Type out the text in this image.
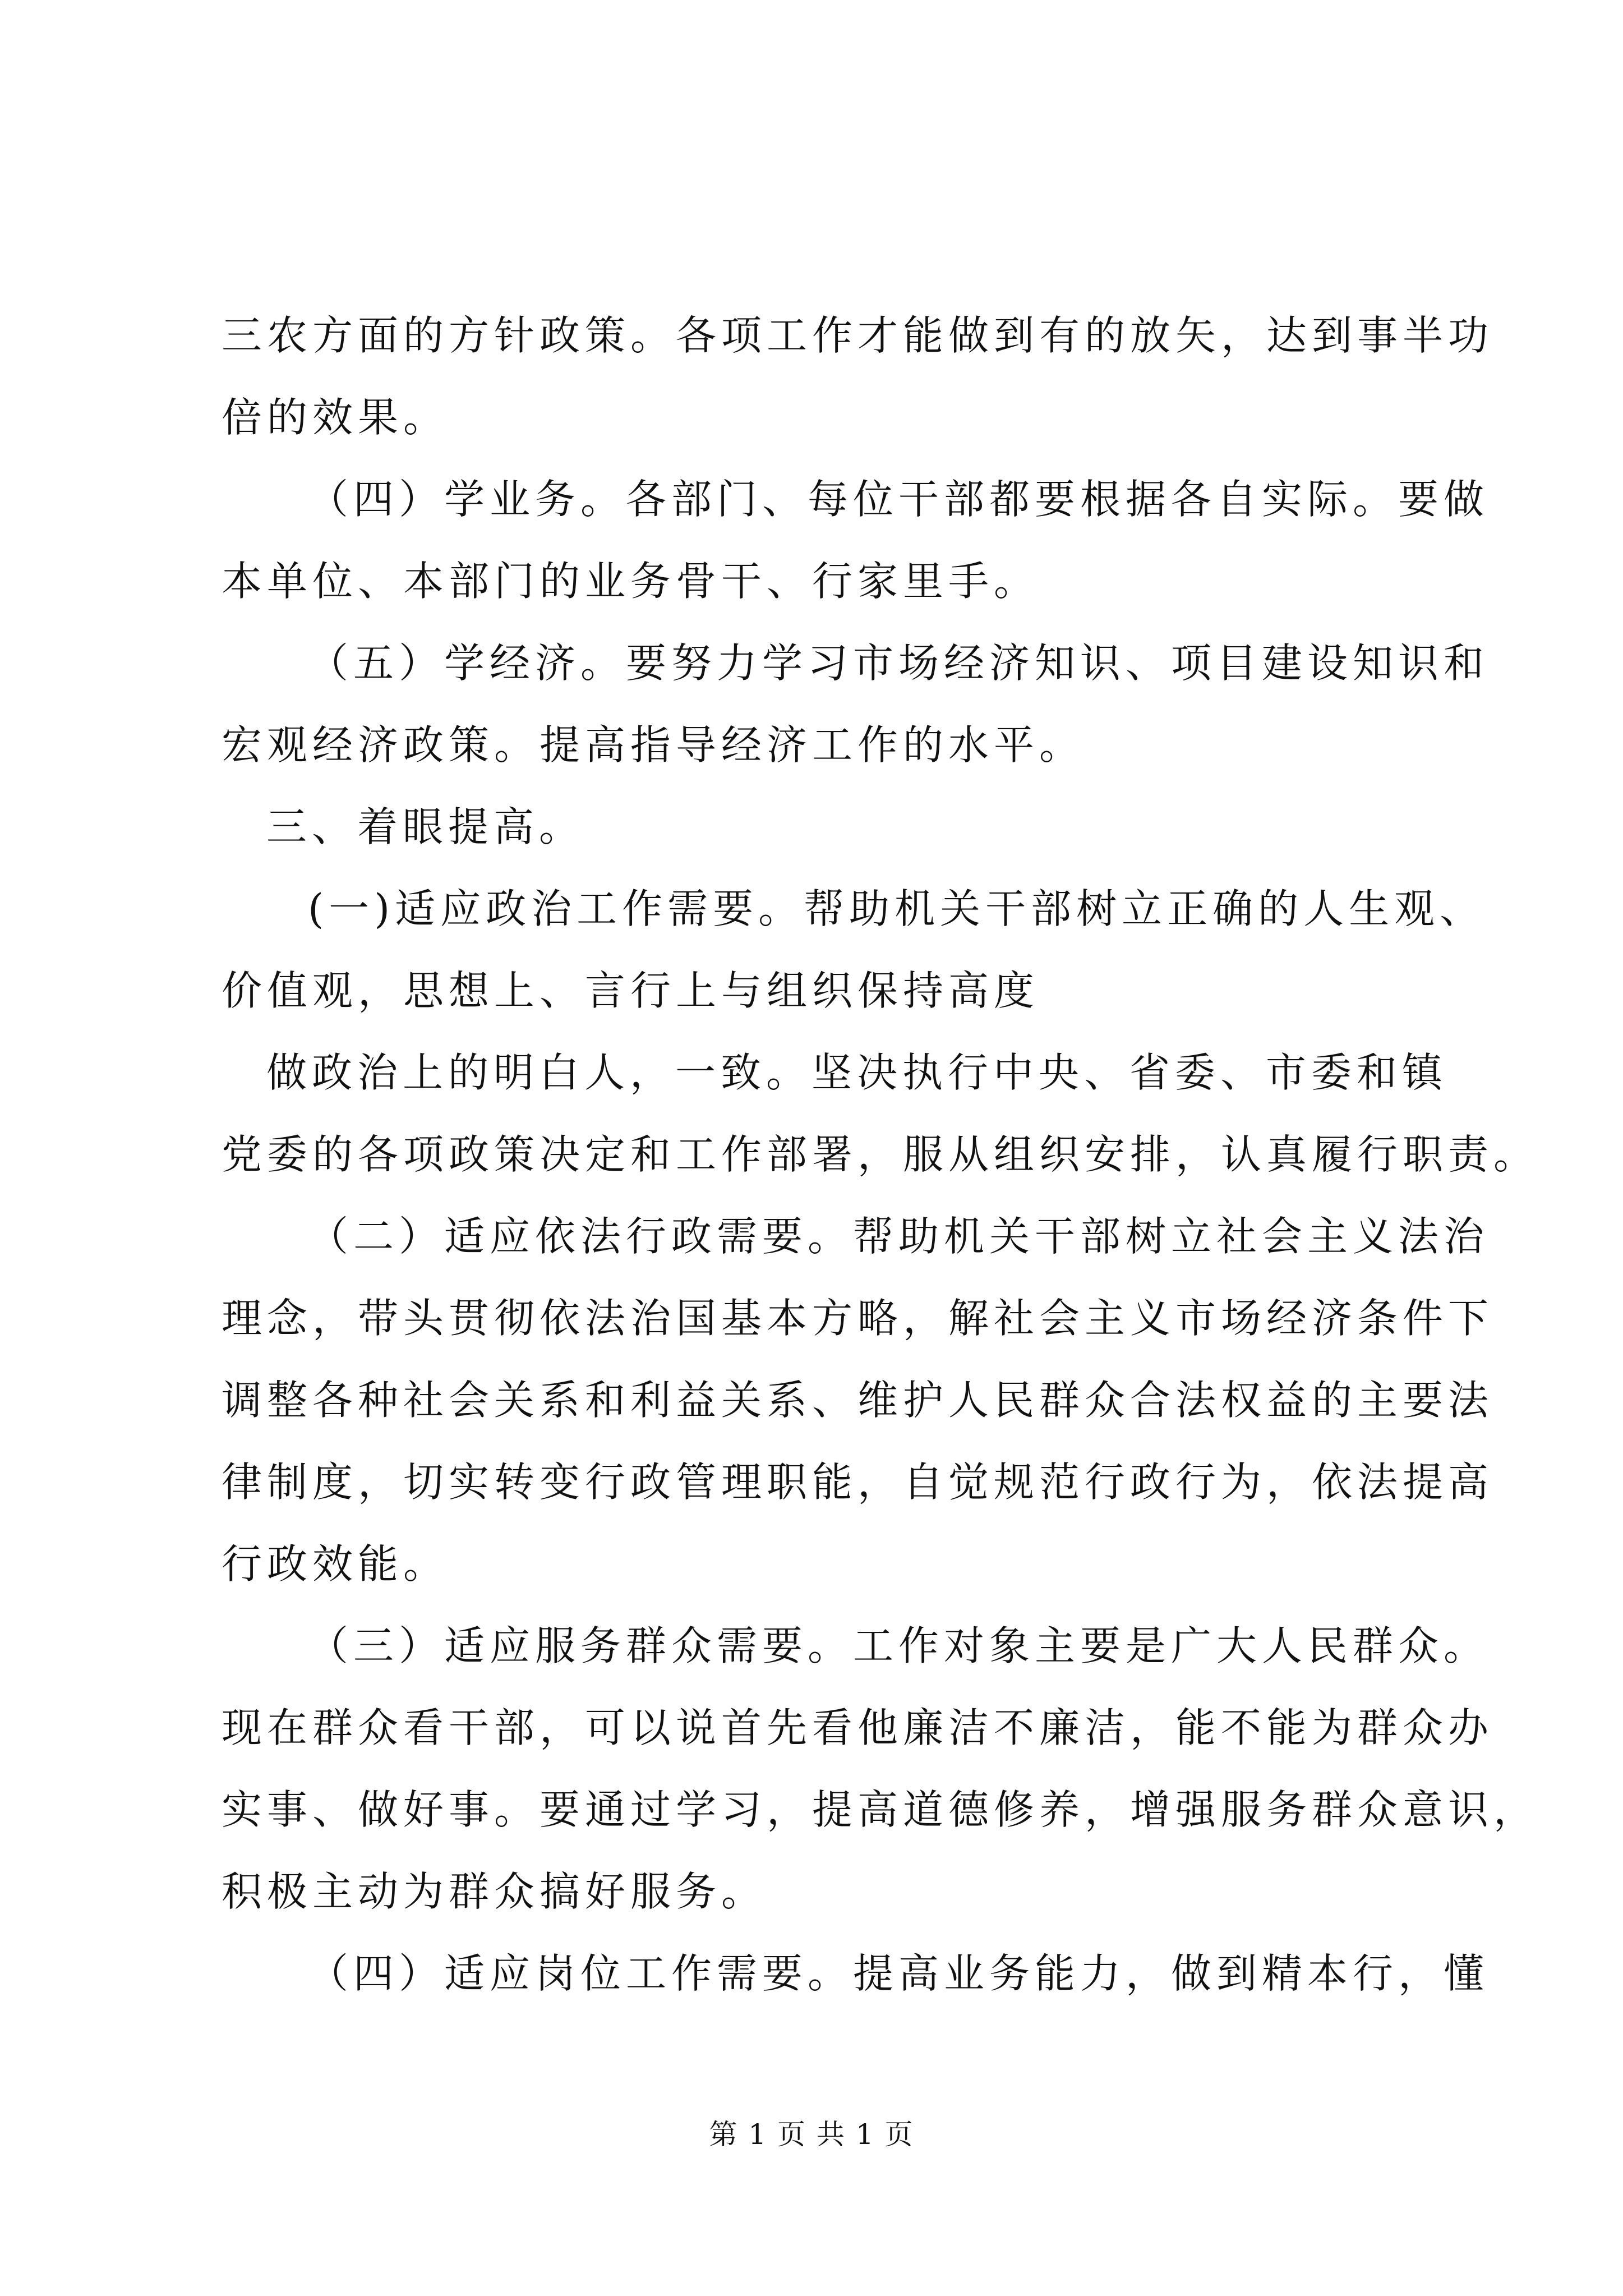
三农方面的方针政策。各项工作才能做到有的放矢，达到事半功

倍的效果。

（四）学业务。各部门、每位干部都要根据各自实际。要做

本单位、本部门的业务骨干、行家里手。

（五）学经济。要努力学习市场经济知识、项目建设知识和

宏观经济政策。提高指导经济工作的水平。

三、着眼提高。

(一)适应政治工作需要。帮助机关干部树立正确的人生观、

价值观，思想上、言行上与组织保持高度

做政治上的明白人，一致。坚决执行中央、省委、市委和镇

党委的各项政策决定和工作部署，服从组织安排，认真履行职责。

（二）适应依法行政需要。帮助机关干部树立社会主义法治

理念，带头贯彻依法治国基本方略，解社会主义市场经济条件下

调整各种社会关系和利益关系、维护人民群众合法权益的主要法

律制度，切实转变行政管理职能，自觉规范行政行为，依法提高

行政效能。

（三）适应服务群众需要。工作对象主要是广大人民群众。

现在群众看干部，可以说首先看他廉洁不廉洁，能不能为群众办

实事、做好事。要通过学习，提高道德修养，增强服务群众意识，

积极主动为群众搞好服务。

（四）适应岗位工作需要。提高业务能力，做到精本行，懂

第 1 页 共 1 页
